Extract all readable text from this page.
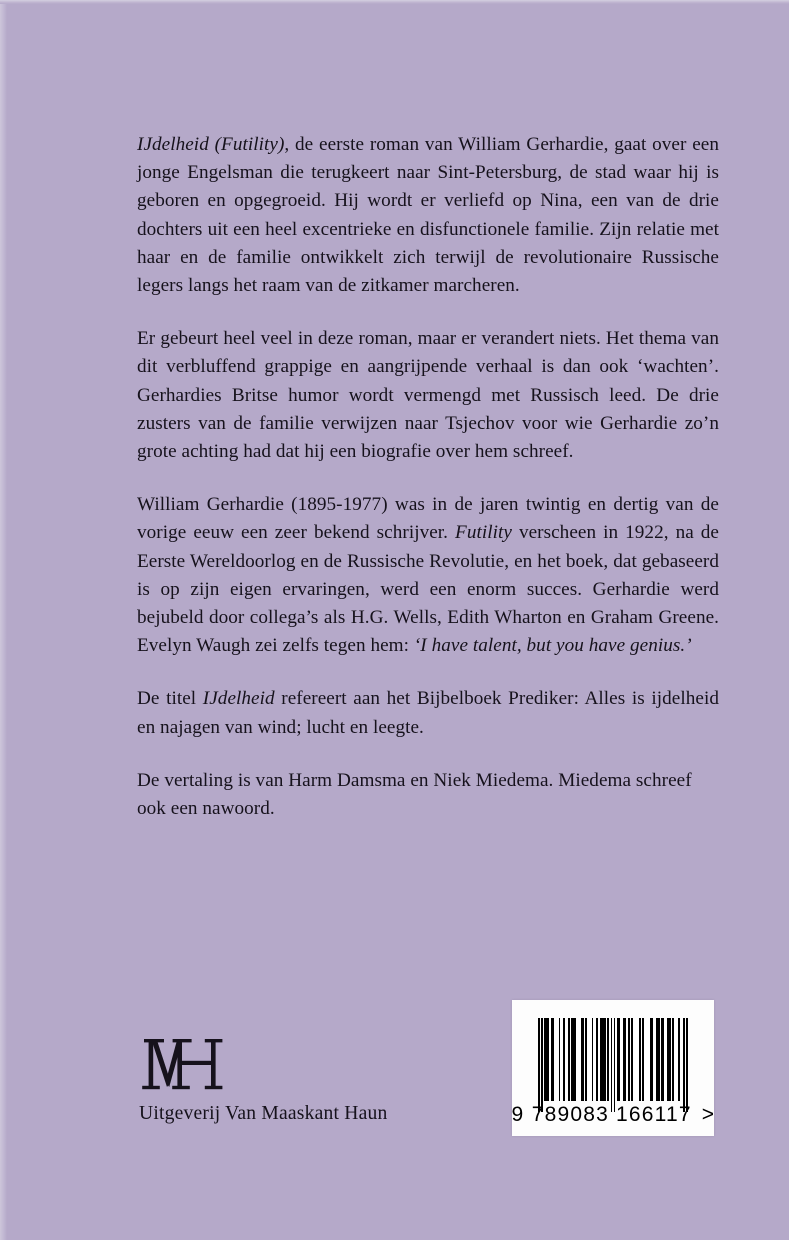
IJdelheid (Futility), de eerste roman van William Gerhardie, gaat over een jonge Engelsman die terugkeert naar Sint-Petersburg, de stad waar hij is geboren en opgegroeid. Hij wordt er verliefd op Nina, een van de drie dochters uit een heel excentrieke en disfunctionele familie. Zijn relatie met haar en de familie ontwikkelt zich terwijl de revolutionaire Russische legers langs het raam van de zitkamer marcheren.

Er gebeurt heel veel in deze roman, maar er verandert niets. Het thema van dit verbluffend grappige en aangrijpende verhaal is dan ook ‘wachten’. Gerhardies Britse humor wordt vermengd met Russisch leed. De drie zusters van de familie verwijzen naar Tsjechov voor wie Gerhardie zo’n grote achting had dat hij een biografie over hem schreef.

William Gerhardie (1895-1977) was in de jaren twintig en dertig van de vorige eeuw een zeer bekend schrijver. Futility verscheen in 1922, na de Eerste Wereldoorlog en de Russische Revolutie, en het boek, dat gebaseerd is op zijn eigen ervaringen, werd een enorm succes. Gerhardie werd bejubeld door collega’s als H.G. Wells, Edith Wharton en Graham Greene. Evelyn Waugh zei zelfs tegen hem: ‘I have talent, but you have genius.’

De titel IJdelheid refereert aan het Bijbelboek Prediker: Alles is ijdelheid en najagen van wind; lucht en leegte.

De vertaling is van Harm Damsma en Niek Miedema. Miedema schreef ook een nawoord.

Uitgeverij Van Maaskant Haun	9 789083 166117 >
